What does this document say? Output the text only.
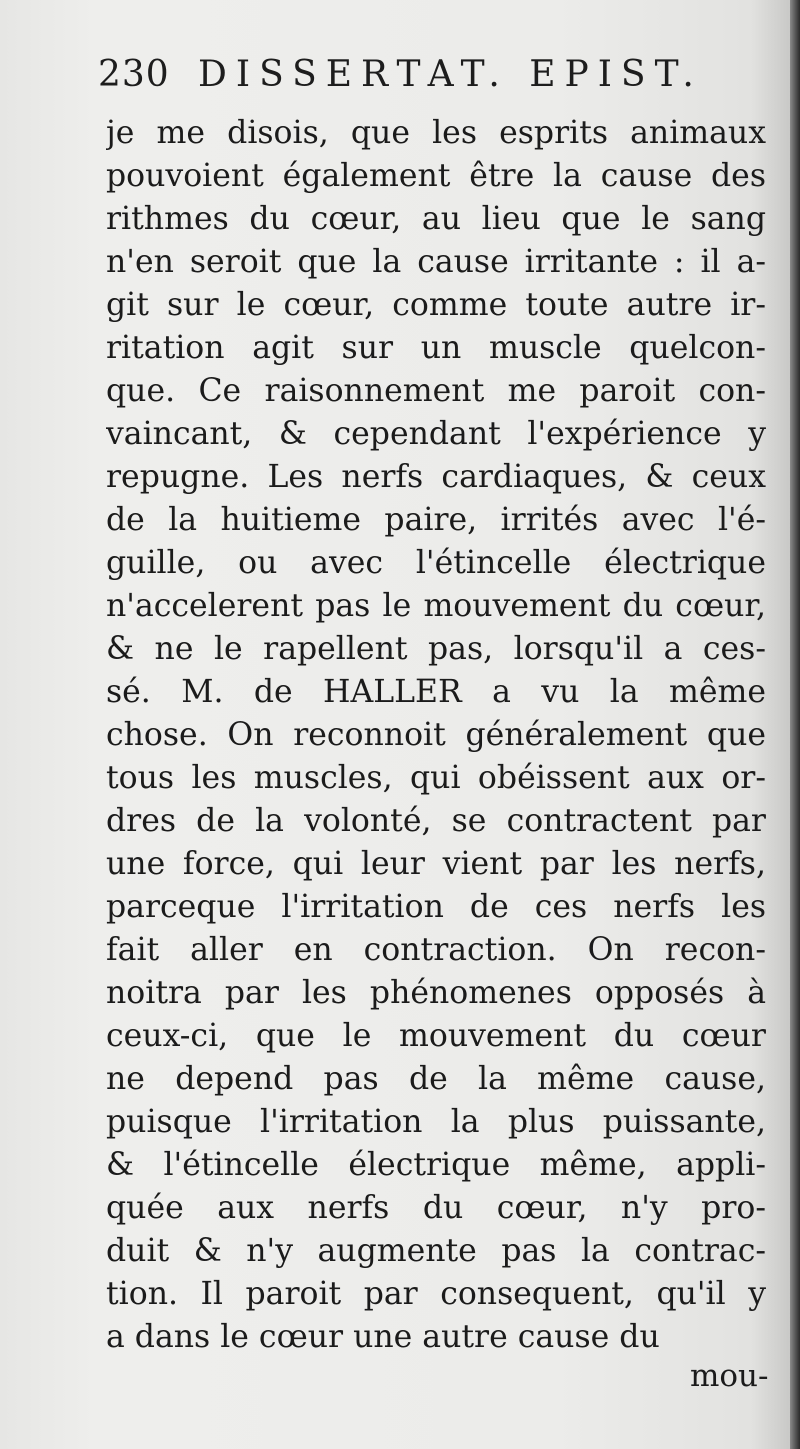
230 DISSERTAT. EPIST.
je me disois, que les esprits animaux
pouvoient également être la cause des
rithmes du cœur, au lieu que le sang
n'en seroit que la cause irritante : il a-
git sur le cœur, comme toute autre ir-
ritation agit sur un muscle quelcon-
que. Ce raisonnement me paroit con-
vaincant, & cependant l'expérience y
repugne. Les nerfs cardiaques, & ceux
de la huitieme paire, irrités avec l'é-
guille, ou avec l'étincelle électrique
n'accelerent pas le mouvement du cœur,
& ne le rapellent pas, lorsqu'il a ces-
sé. M. de HALLER a vu la même
chose. On reconnoit généralement que
tous les muscles, qui obéissent aux or-
dres de la volonté, se contractent par
une force, qui leur vient par les nerfs,
parceque l'irritation de ces nerfs les
fait aller en contraction. On recon-
noitra par les phénomenes opposés à
ceux-ci, que le mouvement du cœur
ne depend pas de la même cause,
puisque l'irritation la plus puissante,
& l'étincelle électrique même, appli-
quée aux nerfs du cœur, n'y pro-
duit & n'y augmente pas la contrac-
tion. Il paroit par consequent, qu'il y
a dans le cœur une autre cause du
mou-
